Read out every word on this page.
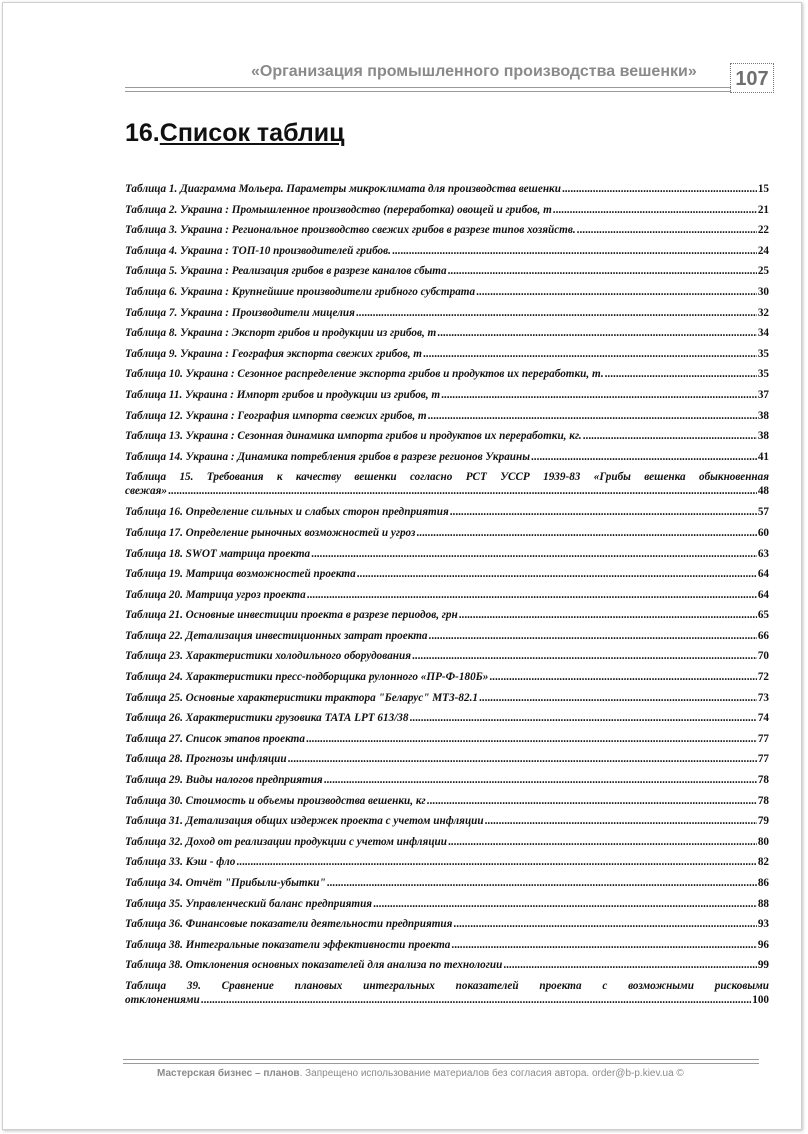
«Организация промышленного производства вешенки» 107
16.Список таблиц
Таблица 1. Диаграмма Мольера. Параметры микроклимата для производства вешенки .....	15
Таблица 2. Украина : Промышленное производство (переработка) овощей и грибов, т .....	21
Таблица 3. Украина : Региональное производство свежих грибов в разрезе типов хозяйств. .....	22
Таблица 4. Украина : ТОП-10 производителей грибов. .....	24
Таблица 5. Украина : Реализация грибов в разрезе каналов сбыта .....	25
Таблица 6. Украина : Крупнейшие производители грибного субстрата .....	30
Таблица 7. Украина : Производители мицелия .....	32
Таблица 8. Украина : Экспорт грибов и продукции из грибов, т .....	34
Таблица 9. Украина : География экспорта свежих грибов, т .....	35
Таблица 10. Украина : Сезонное распределение экспорта грибов и продуктов их переработки, т. .....	35
Таблица 11. Украина : Импорт грибов и продукции из грибов, т .....	37
Таблица 12. Украина : География импорта свежих грибов, т .....	38
Таблица 13. Украина : Сезонная динамика импорта грибов и продуктов их переработки, кг. .....	38
Таблица 14. Украина : Динамика потребления грибов в разрезе регионов Украины .....	41
Таблица 15. Требования к качеству вешенки согласно РСТ УССР 1939-83 «Грибы вешенка обыкновенная
свежая» .....	48
Таблица 16. Определение сильных и слабых сторон предприятия .....	57
Таблица 17. Определение рыночных возможностей и угроз .....	60
Таблица 18. SWOT матрица проекта .....	63
Таблица 19. Матрица возможностей проекта .....	64
Таблица 20. Матрица угроз проекта .....	64
Таблица 21. Основные инвестиции проекта в разрезе периодов, грн .....	65
Таблица 22. Детализация инвестиционных затрат проекта .....	66
Таблица 23. Характеристики холодильного оборудования .....	70
Таблица 24. Характеристики пресс-подборщика рулонного «ПР-Ф-180Б» .....	72
Таблица 25. Основные характеристики трактора "Беларус" МТЗ-82.1 .....	73
Таблица 26. Характеристики грузовика ТАТА LPT 613/38 .....	74
Таблица 27. Список этапов проекта .....	77
Таблица 28. Прогнозы инфляции .....	77
Таблица 29. Виды налогов предприятия .....	78
Таблица 30. Стоимость и объемы производства вешенки, кг .....	78
Таблица 31. Детализация общих издержек проекта с учетом инфляции .....	79
Таблица 32. Доход от реализации продукции с учетом инфляции .....	80
Таблица 33. Кэш - фло .....	82
Таблица 34. Отчёт "Прибыли-убытки" .....	86
Таблица 35. Управленческий баланс предприятия .....	88
Таблица 36. Финансовые показатели деятельности предприятия .....	93
Таблица 38. Интегральные показатели эффективности проекта .....	96
Таблица 38. Отклонения основных показателей для анализа по технологии .....	99
Таблица 39. Сравнение плановых интегральных показателей проекта с возможными рисковыми
отклонениями .....	100
Мастерская бизнес – планов. Запрещено использование материалов без согласия автора. order@b-p.kiev.ua ©
